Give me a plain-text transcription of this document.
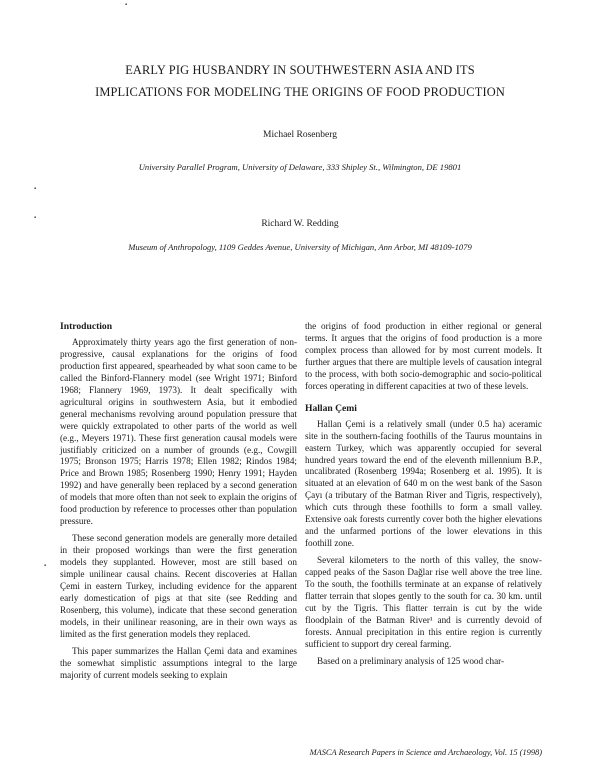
▪
▪
▪
▪
EARLY PIG HUSBANDRY IN SOUTHWESTERN ASIA AND ITS
IMPLICATIONS FOR MODELING THE ORIGINS OF FOOD PRODUCTION
Michael Rosenberg
University Parallel Program, University of Delaware, 333 Shipley St., Wilmington, DE 19801
Richard W. Redding
Museum of Anthropology, 1109 Geddes Avenue, University of Michigan, Ann Arbor, MI 48109-1079
Introduction

Approximately thirty years ago the first generation of non-progressive, causal explanations for the origins of food production first appeared, spearheaded by what soon came to be called the Binford-Flannery model (see Wright 1971; Binford 1968; Flannery 1969, 1973). It dealt specifically with agricultural origins in southwestern Asia, but it embodied general mechanisms revolving around population pressure that were quickly extrapolated to other parts of the world as well (e.g., Meyers 1971). These first generation causal models were justifiably criticized on a number of grounds (e.g., Cowgill 1975; Bronson 1975; Harris 1978; Ellen 1982; Rindos 1984; Price and Brown 1985; Rosenberg 1990; Henry 1991; Hayden 1992) and have generally been replaced by a second generation of models that more often than not seek to explain the origins of food production by reference to processes other than population pressure.

These second generation models are generally more detailed in their proposed workings than were the first generation models they supplanted. However, most are still based on simple unilinear causal chains. Recent discoveries at Hallan Çemi in eastern Turkey, including evidence for the apparent early domestication of pigs at that site (see Redding and Rosenberg, this volume), indicate that these second generation models, in their unilinear reasoning, are in their own ways as limited as the first generation models they replaced.

This paper summarizes the Hallan Çemi data and examines the somewhat simplistic assumptions integral to the large majority of current models seeking to explain

the origins of food production in either regional or general terms. It argues that the origins of food production is a more complex process than allowed for by most current models. It further argues that there are multiple levels of causation integral to the process, with both socio-demographic and socio-political forces operating in different capacities at two of these levels.

Hallan Çemi

Hallan Çemi is a relatively small (under 0.5 ha) aceramic site in the southern-facing foothills of the Taurus mountains in eastern Turkey, which was apparently occupied for several hundred years toward the end of the eleventh millennium B.P., uncalibrated (Rosenberg 1994a; Rosenberg et al. 1995). It is situated at an elevation of 640 m on the west bank of the Sason Çayı (a tributary of the Batman River and Tigris, respectively), which cuts through these foothills to form a small valley. Extensive oak forests currently cover both the higher elevations and the unfarmed portions of the lower elevations in this foothill zone.

Several kilometers to the north of this valley, the snow-capped peaks of the Sason Dağlar rise well above the tree line. To the south, the foothills terminate at an expanse of relatively flatter terrain that slopes gently to the south for ca. 30 km. until cut by the Tigris. This flatter terrain is cut by the wide floodplain of the Batman River¹ and is currently devoid of forests. Annual precipitation in this entire region is currently sufficient to support dry cereal farming.

Based on a preliminary analysis of 125 wood char-

MASCA Research Papers in Science and Archaeology, Vol. 15 (1998)
